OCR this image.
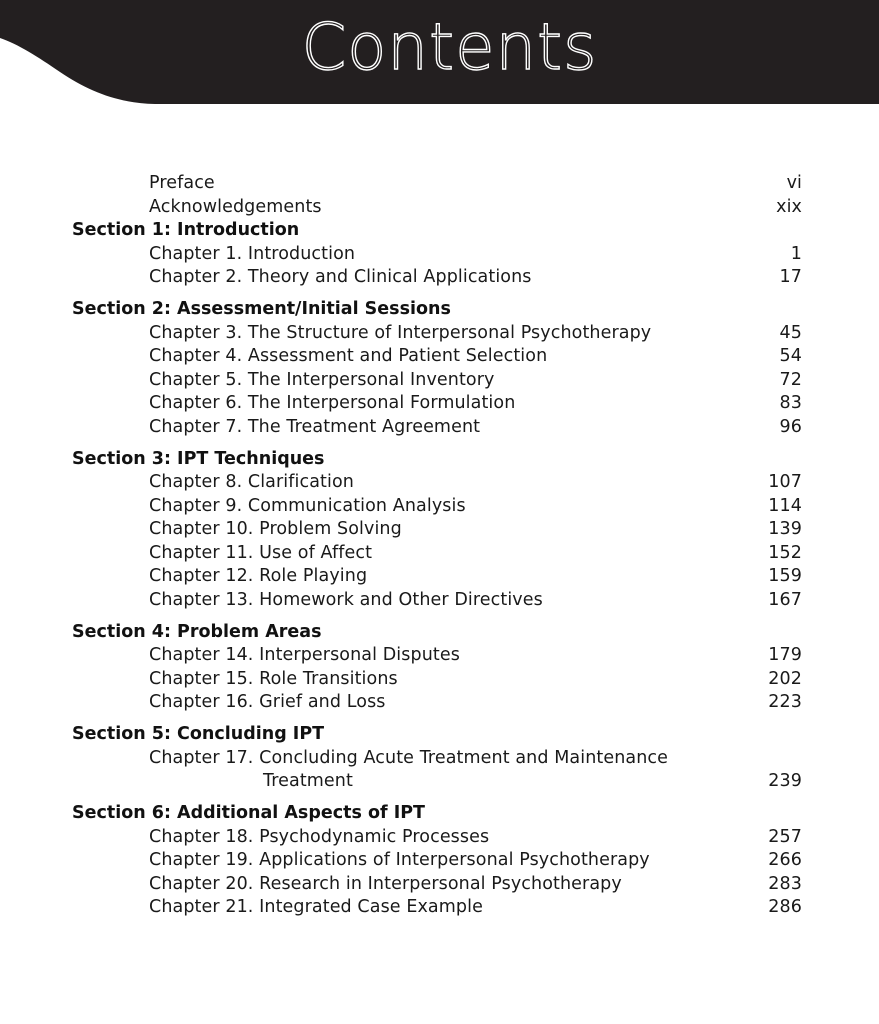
Contents
Preface	vi
Acknowledgements	xix
Section 1: Introduction
Chapter 1. Introduction	1
Chapter 2. Theory and Clinical Applications	17
Section 2: Assessment/Initial Sessions
Chapter 3. The Structure of Interpersonal Psychotherapy	45
Chapter 4. Assessment and Patient Selection	54
Chapter 5. The Interpersonal Inventory	72
Chapter 6. The Interpersonal Formulation	83
Chapter 7. The Treatment Agreement	96
Section 3: IPT Techniques
Chapter 8. Clarification	107
Chapter 9. Communication Analysis	114
Chapter 10. Problem Solving	139
Chapter 11. Use of Affect	152
Chapter 12. Role Playing	159
Chapter 13. Homework and Other Directives	167
Section 4: Problem Areas
Chapter 14. Interpersonal Disputes	179
Chapter 15. Role Transitions	202
Chapter 16. Grief and Loss	223
Section 5: Concluding IPT
Chapter 17. Concluding Acute Treatment and Maintenance
Treatment	239
Section 6: Additional Aspects of IPT
Chapter 18. Psychodynamic Processes	257
Chapter 19. Applications of Interpersonal Psychotherapy	266
Chapter 20. Research in Interpersonal Psychotherapy	283
Chapter 21. Integrated Case Example	286
